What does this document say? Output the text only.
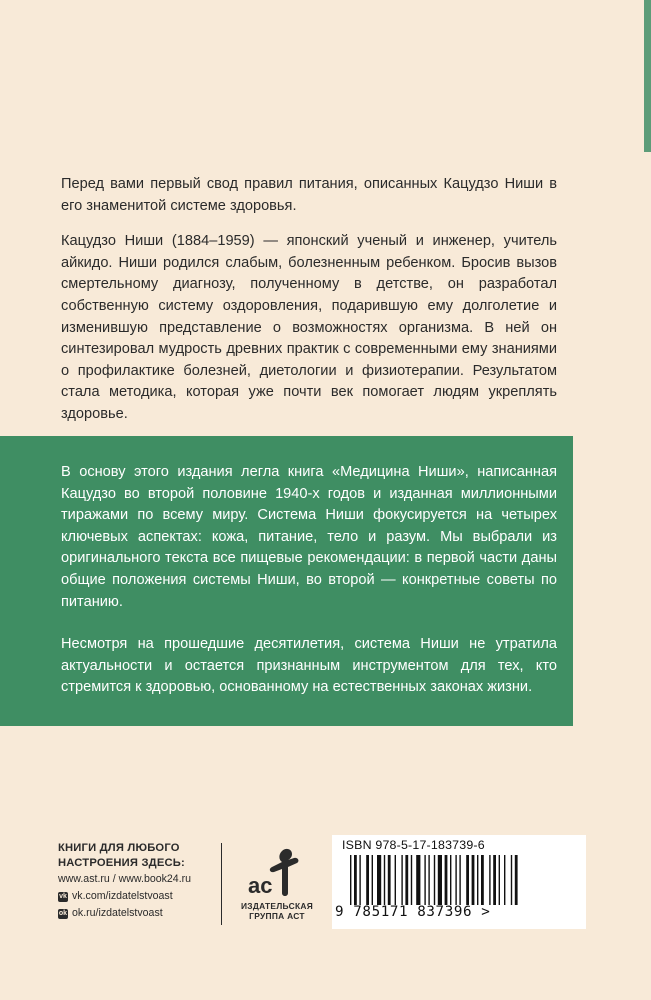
Перед вами первый свод правил питания, описанных Кацудзо Ниши в его знаменитой системе здоровья.

Кацудзо Ниши (1884–1959) — японский ученый и инженер, учитель айкидо. Ниши родился слабым, болезненным ребенком. Бросив вызов смертельному диагнозу, полученному в детстве, он разработал собственную систему оздоровления, подарившую ему долголетие и изменившую представление о возможностях организма. В ней он синтезировал мудрость древних практик с современными ему знаниями о профилактике болезней, диетологии и физиотерапии. Результатом стала методика, которая уже почти век помогает людям укреплять здоровье.

В основу этого издания легла книга «Медицина Ниши», написанная Кацудзо во второй половине 1940-х годов и изданная миллионными тиражами по всему миру. Система Ниши фокусируется на четырех ключевых аспектах: кожа, питание, тело и разум. Мы выбрали из оригинального текста все пищевые рекомендации: в первой части даны общие положения системы Ниши, во второй — конкретные советы по питанию.

Несмотря на прошедшие десятилетия, система Ниши не утратила актуальности и остается признанным инструментом для тех, кто стремится к здоровью, основанному на естественных законах жизни.

КНИГИ ДЛЯ ЛЮБОГО
НАСТРОЕНИЯ ЗДЕСЬ:
www.ast.ru / www.book24.ru
vk vk.com/izdatelstvoast
ok ok.ru/izdatelstvoast
ас
ИЗДАТЕЛЬСКАЯ
ГРУППА АСТ
ISBN 978-5-17-183739-6
9 785171 837396 >
